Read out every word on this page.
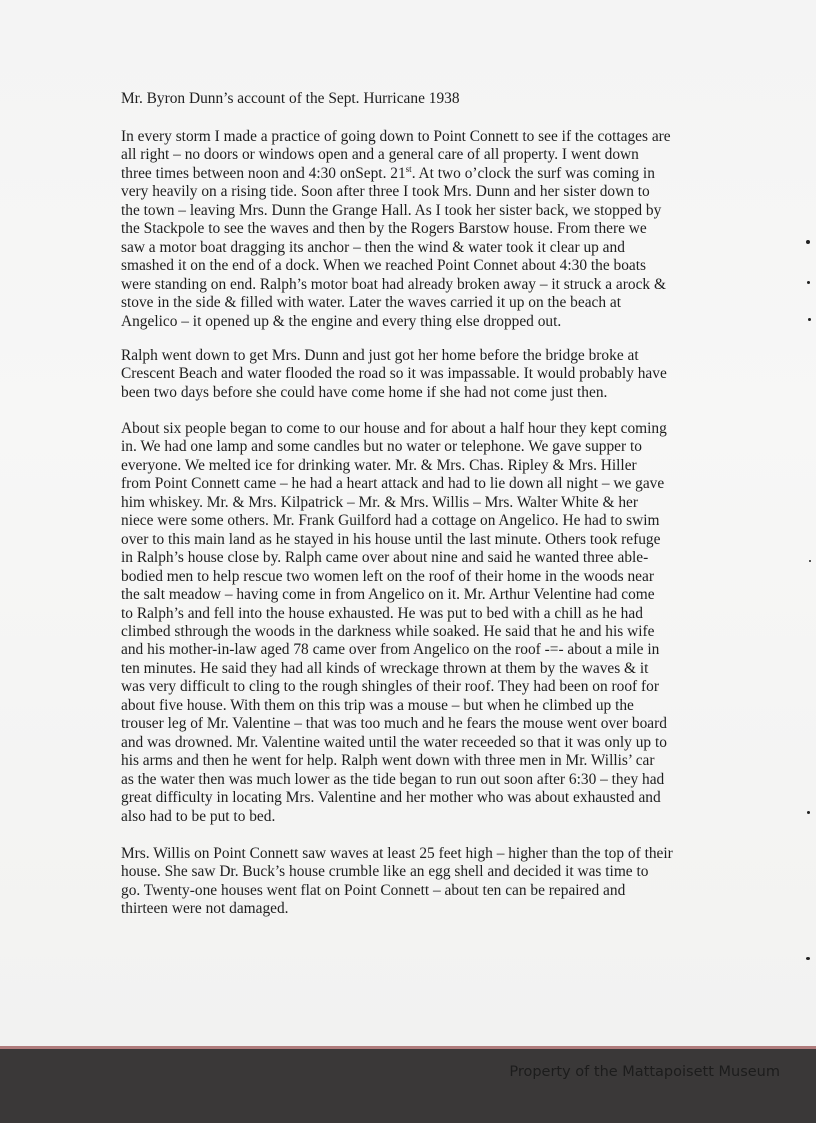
Mr. Byron Dunn’s account of the Sept. Hurricane 1938

In every storm I made a practice of going down to Point Connett to see if the cottages are
all right – no doors or windows open and a general care of all property. I went down
three times between noon and 4:30 onSept. 21st. At two o’clock the surf was coming in
very heavily on a rising tide. Soon after three I took Mrs. Dunn and her sister down to
the town – leaving Mrs. Dunn the Grange Hall. As I took her sister back, we stopped by
the Stackpole to see the waves and then by the Rogers Barstow house. From there we
saw a motor boat dragging its anchor – then the wind & water took it clear up and
smashed it on the end of a dock. When we reached Point Connet about 4:30 the boats
were standing on end. Ralph’s motor boat had already broken away – it struck a arock &
stove in the side & filled with water. Later the waves carried it up on the beach at
Angelico – it opened up & the engine and every thing else dropped out.

Ralph went down to get Mrs. Dunn and just got her home before the bridge broke at
Crescent Beach and water flooded the road so it was impassable. It would probably have
been two days before she could have come home if she had not come just then.

About six people began to come to our house and for about a half hour they kept coming
in. We had one lamp and some candles but no water or telephone. We gave supper to
everyone. We melted ice for drinking water. Mr. & Mrs. Chas. Ripley & Mrs. Hiller
from Point Connett came – he had a heart attack and had to lie down all night – we gave
him whiskey. Mr. & Mrs. Kilpatrick – Mr. & Mrs. Willis – Mrs. Walter White & her
niece were some others. Mr. Frank Guilford had a cottage on Angelico. He had to swim
over to this main land as he stayed in his house until the last minute. Others took refuge
in Ralph’s house close by. Ralph came over about nine and said he wanted three able-
bodied men to help rescue two women left on the roof of their home in the woods near
the salt meadow – having come in from Angelico on it. Mr. Arthur Velentine had come
to Ralph’s and fell into the house exhausted. He was put to bed with a chill as he had
climbed sthrough the woods in the darkness while soaked. He said that he and his wife
and his mother-in-law aged 78 came over from Angelico on the roof -=- about a mile in
ten minutes. He said they had all kinds of wreckage thrown at them by the waves & it
was very difficult to cling to the rough shingles of their roof. They had been on roof for
about five house. With them on this trip was a mouse – but when he climbed up the
trouser leg of Mr. Valentine – that was too much and he fears the mouse went over board
and was drowned. Mr. Valentine waited until the water receeded so that it was only up to
his arms and then he went for help. Ralph went down with three men in Mr. Willis’ car
as the water then was much lower as the tide began to run out soon after 6:30 – they had
great difficulty in locating Mrs. Valentine and her mother who was about exhausted and
also had to be put to bed.

Mrs. Willis on Point Connett saw waves at least 25 feet high – higher than the top of their
house. She saw Dr. Buck’s house crumble like an egg shell and decided it was time to
go. Twenty-one houses went flat on Point Connett – about ten can be repaired and
thirteen were not damaged.

Property of the Mattapoisett Museum
